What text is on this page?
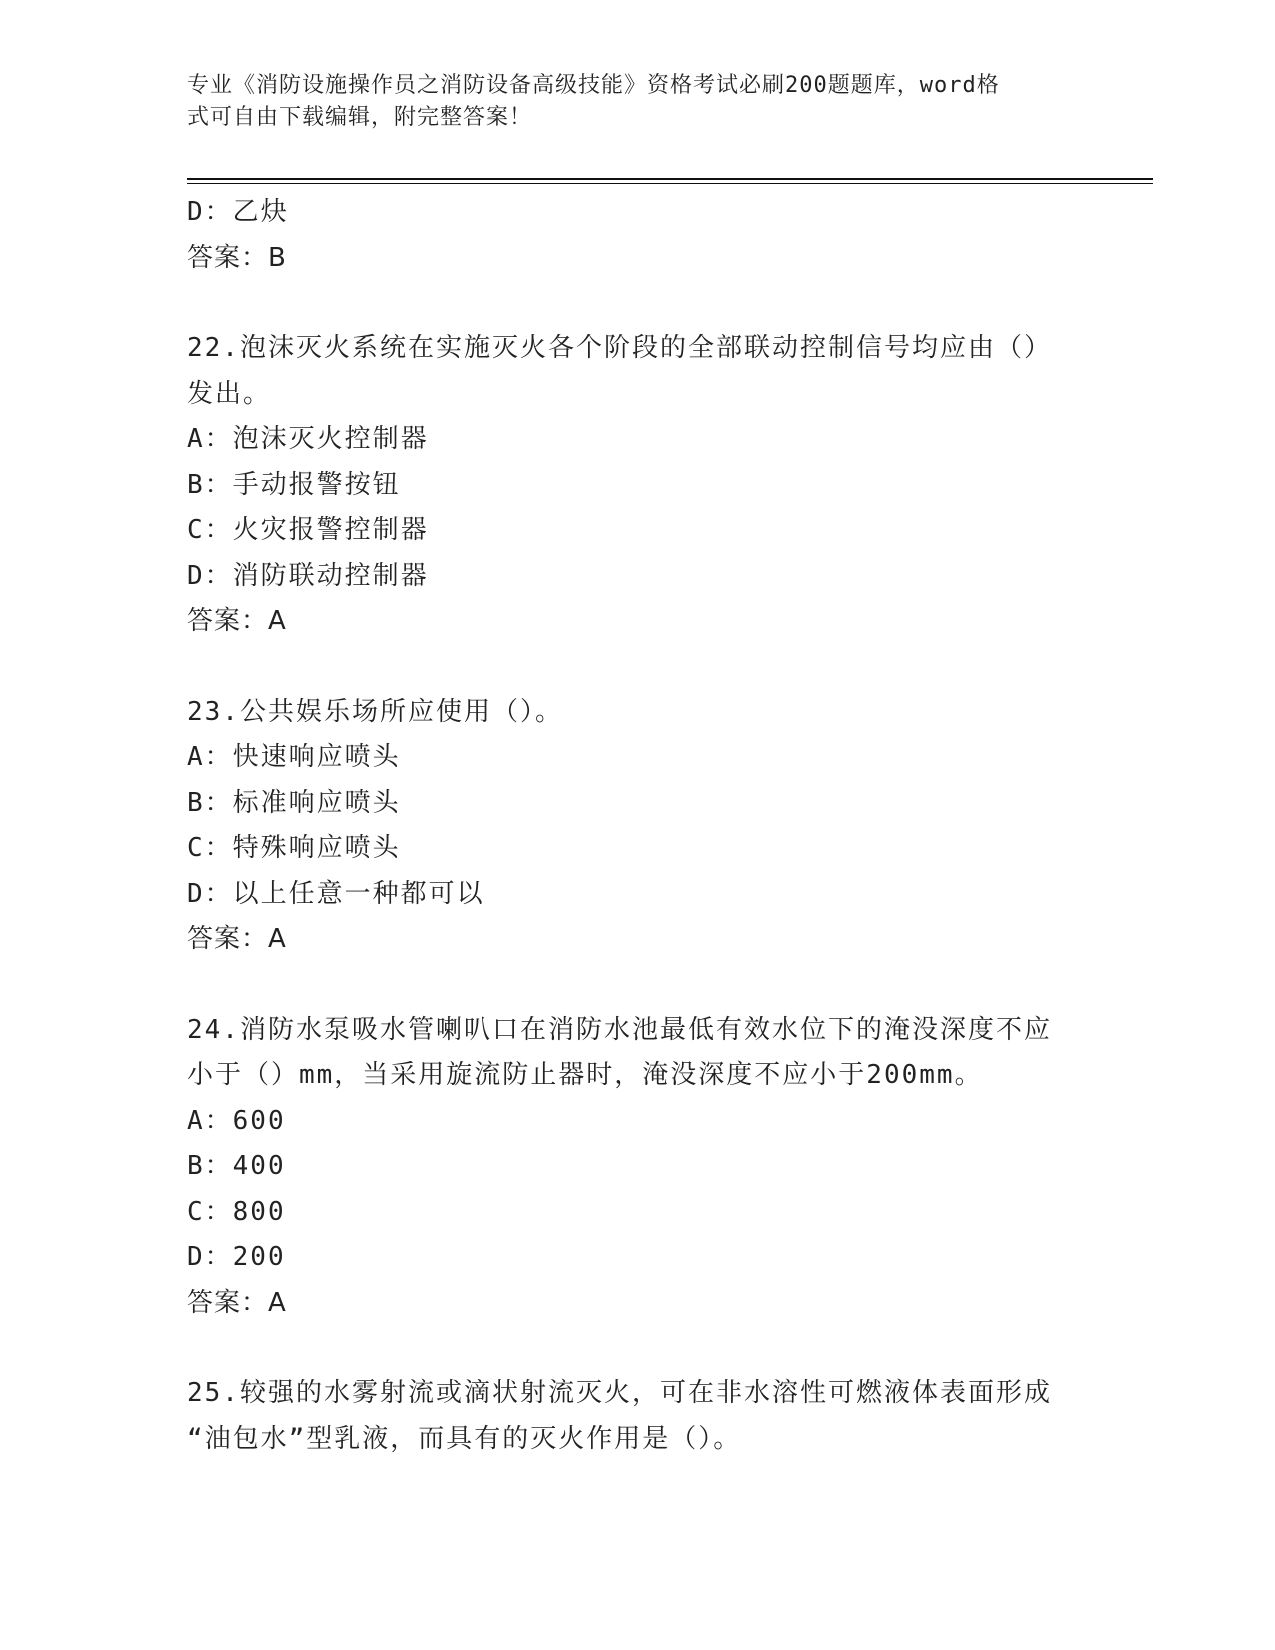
专业《消防设施操作员之消防设备高级技能》资格考试必刷200题题库，word格
式可自由下载编辑，附完整答案！
D：乙炔
答案：B
22.泡沫灭火系统在实施灭火各个阶段的全部联动控制信号均应由（）
发出。
A：泡沫灭火控制器
B：手动报警按钮
C：火灾报警控制器
D：消防联动控制器
答案：A
23.公共娱乐场所应使用（）。
A：快速响应喷头
B：标准响应喷头
C：特殊响应喷头
D：以上任意一种都可以
答案：A
24.消防水泵吸水管喇叭口在消防水池最低有效水位下的淹没深度不应
小于（）mm，当采用旋流防止器时，淹没深度不应小于200mm。
A：600
B：400
C：800
D：200
答案：A
25.较强的水雾射流或滴状射流灭火，可在非水溶性可燃液体表面形成
“油包水”型乳液，而具有的灭火作用是（）。
